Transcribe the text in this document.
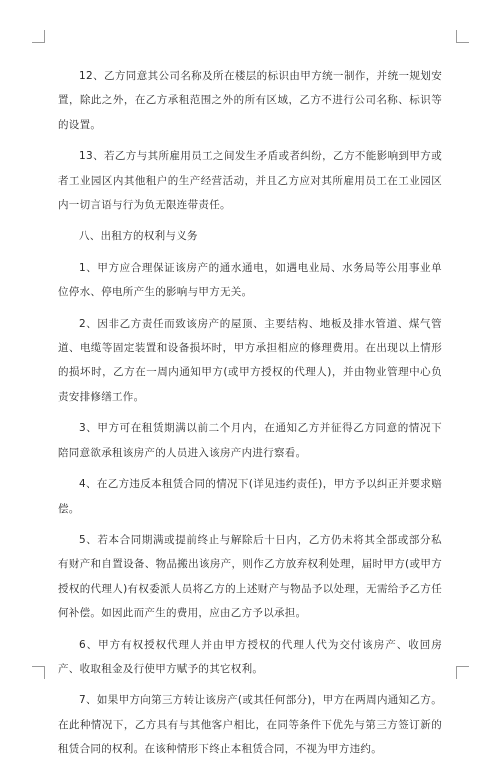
12、乙方同意其公司名称及所在楼层的标识由甲方统一制作，并统一规划安置，除此之外，在乙方承租范围之外的所有区域，乙方不进行公司名称、标识等的设置。

13、若乙方与其所雇用员工之间发生矛盾或者纠纷，乙方不能影响到甲方或者工业园区内其他租户的生产经营活动，并且乙方应对其所雇用员工在工业园区内一切言语与行为负无限连带责任。

八、出租方的权利与义务

1、甲方应合理保证该房产的通水通电，如遇电业局、水务局等公用事业单位停水、停电所产生的影响与甲方无关。

2、因非乙方责任而致该房产的屋顶、主要结构、地板及排水管道、煤气管道、电缆等固定装置和设备损坏时，甲方承担相应的修理费用。在出现以上情形的损坏时，乙方在一周内通知甲方(或甲方授权的代理人)，并由物业管理中心负责安排修缮工作。

3、甲方可在租赁期满以前二个月内，在通知乙方并征得乙方同意的情况下陪同意欲承租该房产的人员进入该房产内进行察看。

4、在乙方违反本租赁合同的情况下(详见违约责任)，甲方予以纠正并要求赔偿。

5、若本合同期满或提前终止与解除后十日内，乙方仍未将其全部或部分私有财产和自置设备、物品搬出该房产，则作乙方放弃权利处理，届时甲方(或甲方授权的代理人)有权委派人员将乙方的上述财产与物品予以处理，无需给予乙方任何补偿。如因此而产生的费用，应由乙方予以承担。

6、甲方有权授权代理人并由甲方授权的代理人代为交付该房产、收回房产、收取租金及行使甲方赋予的其它权利。

7、如果甲方向第三方转让该房产(或其任何部分)，甲方在两周内通知乙方。在此种情况下，乙方具有与其他客户相比，在同等条件下优先与第三方签订新的租赁合同的权利。在该种情形下终止本租赁合同，不视为甲方违约。
